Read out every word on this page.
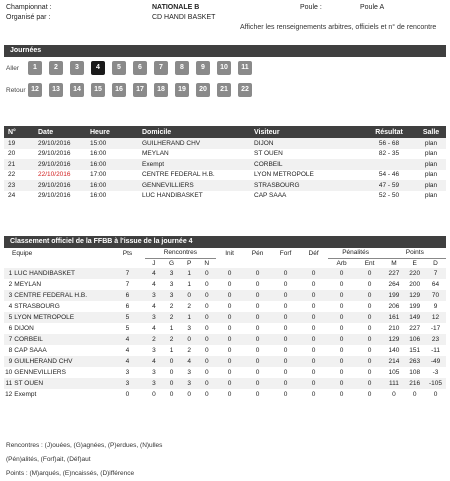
Championnat :	NATIONALE B	Poule :	Poule A
Organisé par :	CD HANDI BASKET
Afficher les renseignements arbitres, officiels et n° de rencontre
Journées
Aller	1	2	3	4	5	6	7	8	9	10	11
Retour 12	13	14	15	16	17	18	19	20	21	22
N°	Date	Heure	Domicile	Visiteur	Résultat	Salle
19	29/10/2016	15:00	GUILHERAND CHV	DIJON	56 - 68	plan
20	29/10/2016	16:00	MEYLAN	ST OUEN	82 - 35	plan
21	29/10/2016	16:00	Exempt	CORBEIL		plan
22	22/10/2016	17:00	CENTRE FEDERAL H.B.	LYON METROPOLE	54 - 46	plan
23	29/10/2016	16:00	GENNEVILLIERS	STRASBOURG	47 - 59	plan
24	29/10/2016	16:00	LUC HANDIBASKET	CAP SAAA	52 - 50	plan
Classement officiel de la FFBB à l'issue de la journée 4
Equipe		Pts	Rencontres				Init	Pén	Forf	Déf	Pénalités		Points		
			J	G	P	N					Arb	Ent	M	E	D
1	LUC HANDIBASKET	7	4	3	1	0	0	0	0	0	0	0	227	220	7
2	MEYLAN	7	4	3	1	0	0	0	0	0	0	0	264	200	64
3	CENTRE FEDERAL H.B.	6	3	3	0	0	0	0	0	0	0	0	199	129	70
4	STRASBOURG	6	4	2	2	0	0	0	0	0	0	0	206	199	9
5	LYON METROPOLE	5	3	2	1	0	0	0	0	0	0	0	161	149	12
6	DIJON	5	4	1	3	0	0	0	0	0	0	0	210	227	-17
7	CORBEIL	4	2	2	0	0	0	0	0	0	0	0	129	106	23
8	CAP SAAA	4	3	1	2	0	0	0	0	0	0	0	140	151	-11
9	GUILHERAND CHV	4	4	0	4	0	0	0	0	0	0	0	214	263	-49
10	GENNEVILLIERS	3	3	0	3	0	0	0	0	0	0	0	105	108	-3
11	ST OUEN	3	3	0	3	0	0	0	0	0	0	0	111	216	-105
12	Exempt	0	0	0	0	0	0	0	0	0	0	0	0	0	0
Rencontres : (J)ouées, (G)agnées, (P)erdues, (N)ulles
(Pén)alités, (Forf)ait, (Déf)aut
Points : (M)arqués, (E)ncaissés, (D)ifférence
